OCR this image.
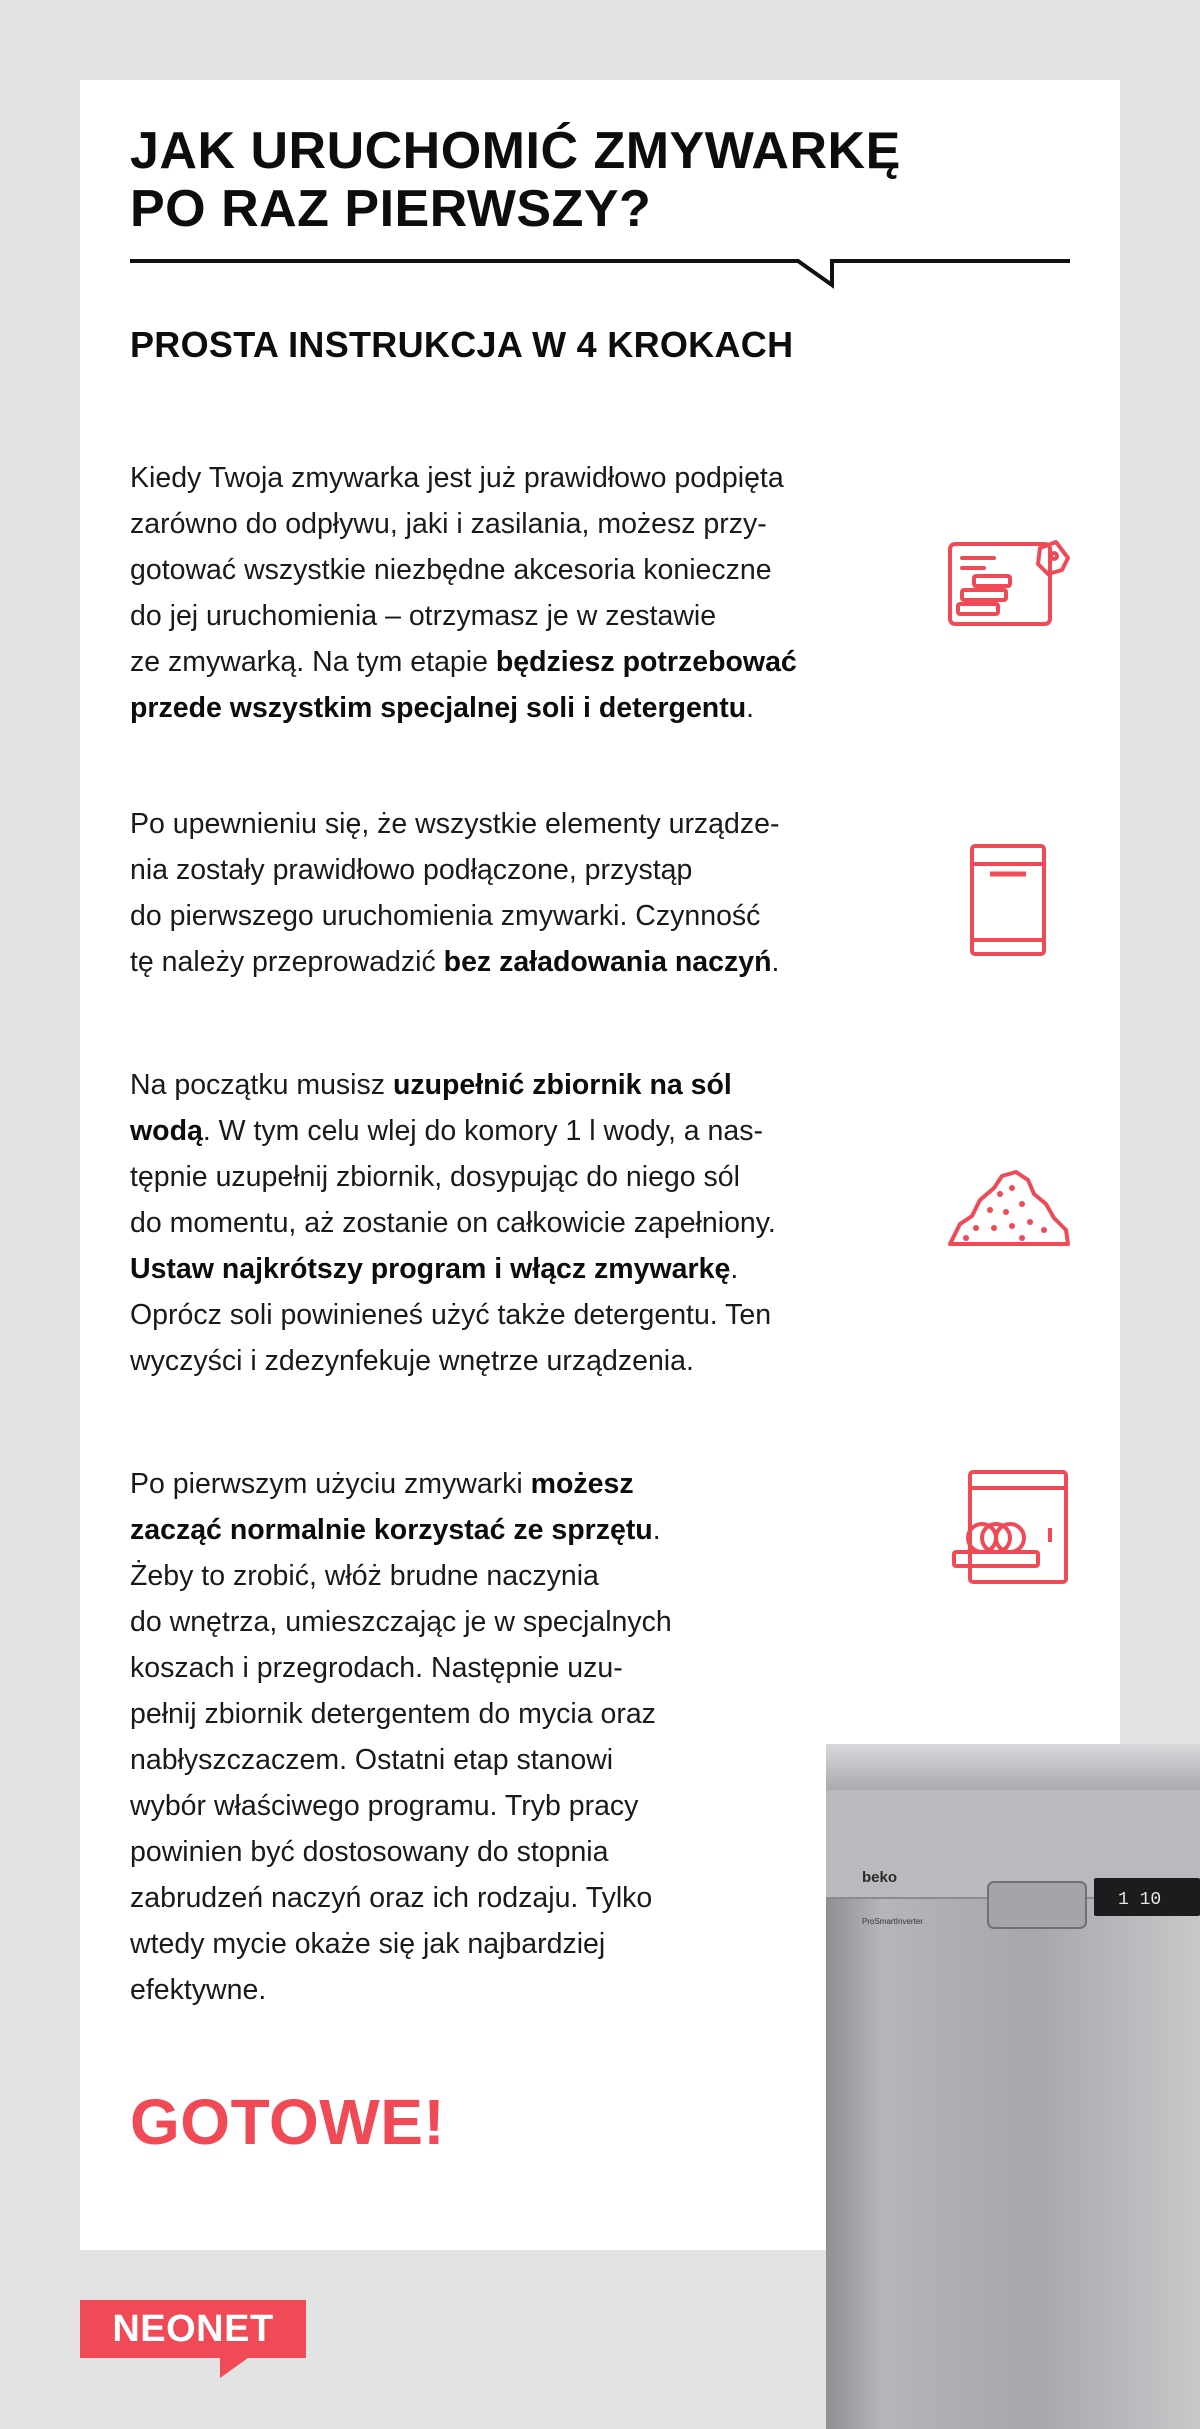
JAK URUCHOMIĆ ZMYWARKĘ
PO RAZ PIERWSZY?
PROSTA INSTRUKCJA W 4 KROKACH

Kiedy Twoja zmywarka jest już prawidłowo podpięta
zarówno do odpływu, jaki i zasilania, możesz przy-
gotować wszystkie niezbędne akcesoria konieczne
do jej uruchomienia – otrzymasz je w zestawie
ze zmywarką. Na tym etapie będziesz potrzebować
przede wszystkim specjalnej soli i detergentu.

Po upewnieniu się, że wszystkie elementy urządze-
nia zostały prawidłowo podłączone, przystąp
do pierwszego uruchomienia zmywarki. Czynność
tę należy przeprowadzić bez załadowania naczyń.

Na początku musisz uzupełnić zbiornik na sól
wodą. W tym celu wlej do komory 1 l wody, a nas-
tępnie uzupełnij zbiornik, dosypując do niego sól
do momentu, aż zostanie on całkowicie zapełniony.
Ustaw najkrótszy program i włącz zmywarkę.
Oprócz soli powinieneś użyć także detergentu. Ten
wyczyści i zdezynfekuje wnętrze urządzenia.

Po pierwszym użyciu zmywarki możesz
zacząć normalnie korzystać ze sprzętu.
Żeby to zrobić, włóż brudne naczynia
do wnętrza, umieszczając je w specjalnych
koszach i przegrodach. Następnie uzu-
pełnij zbiornik detergentem do mycia oraz
nabłyszczaczem. Ostatni etap stanowi
wybór właściwego programu. Tryb pracy
powinien być dostosowany do stopnia
zabrudzeń naczyń oraz ich rodzaju. Tylko
wtedy mycie okaże się jak najbardziej
efektywne.

GOTOWE!
1 10
beko
ProSmartInverter
NEONET
